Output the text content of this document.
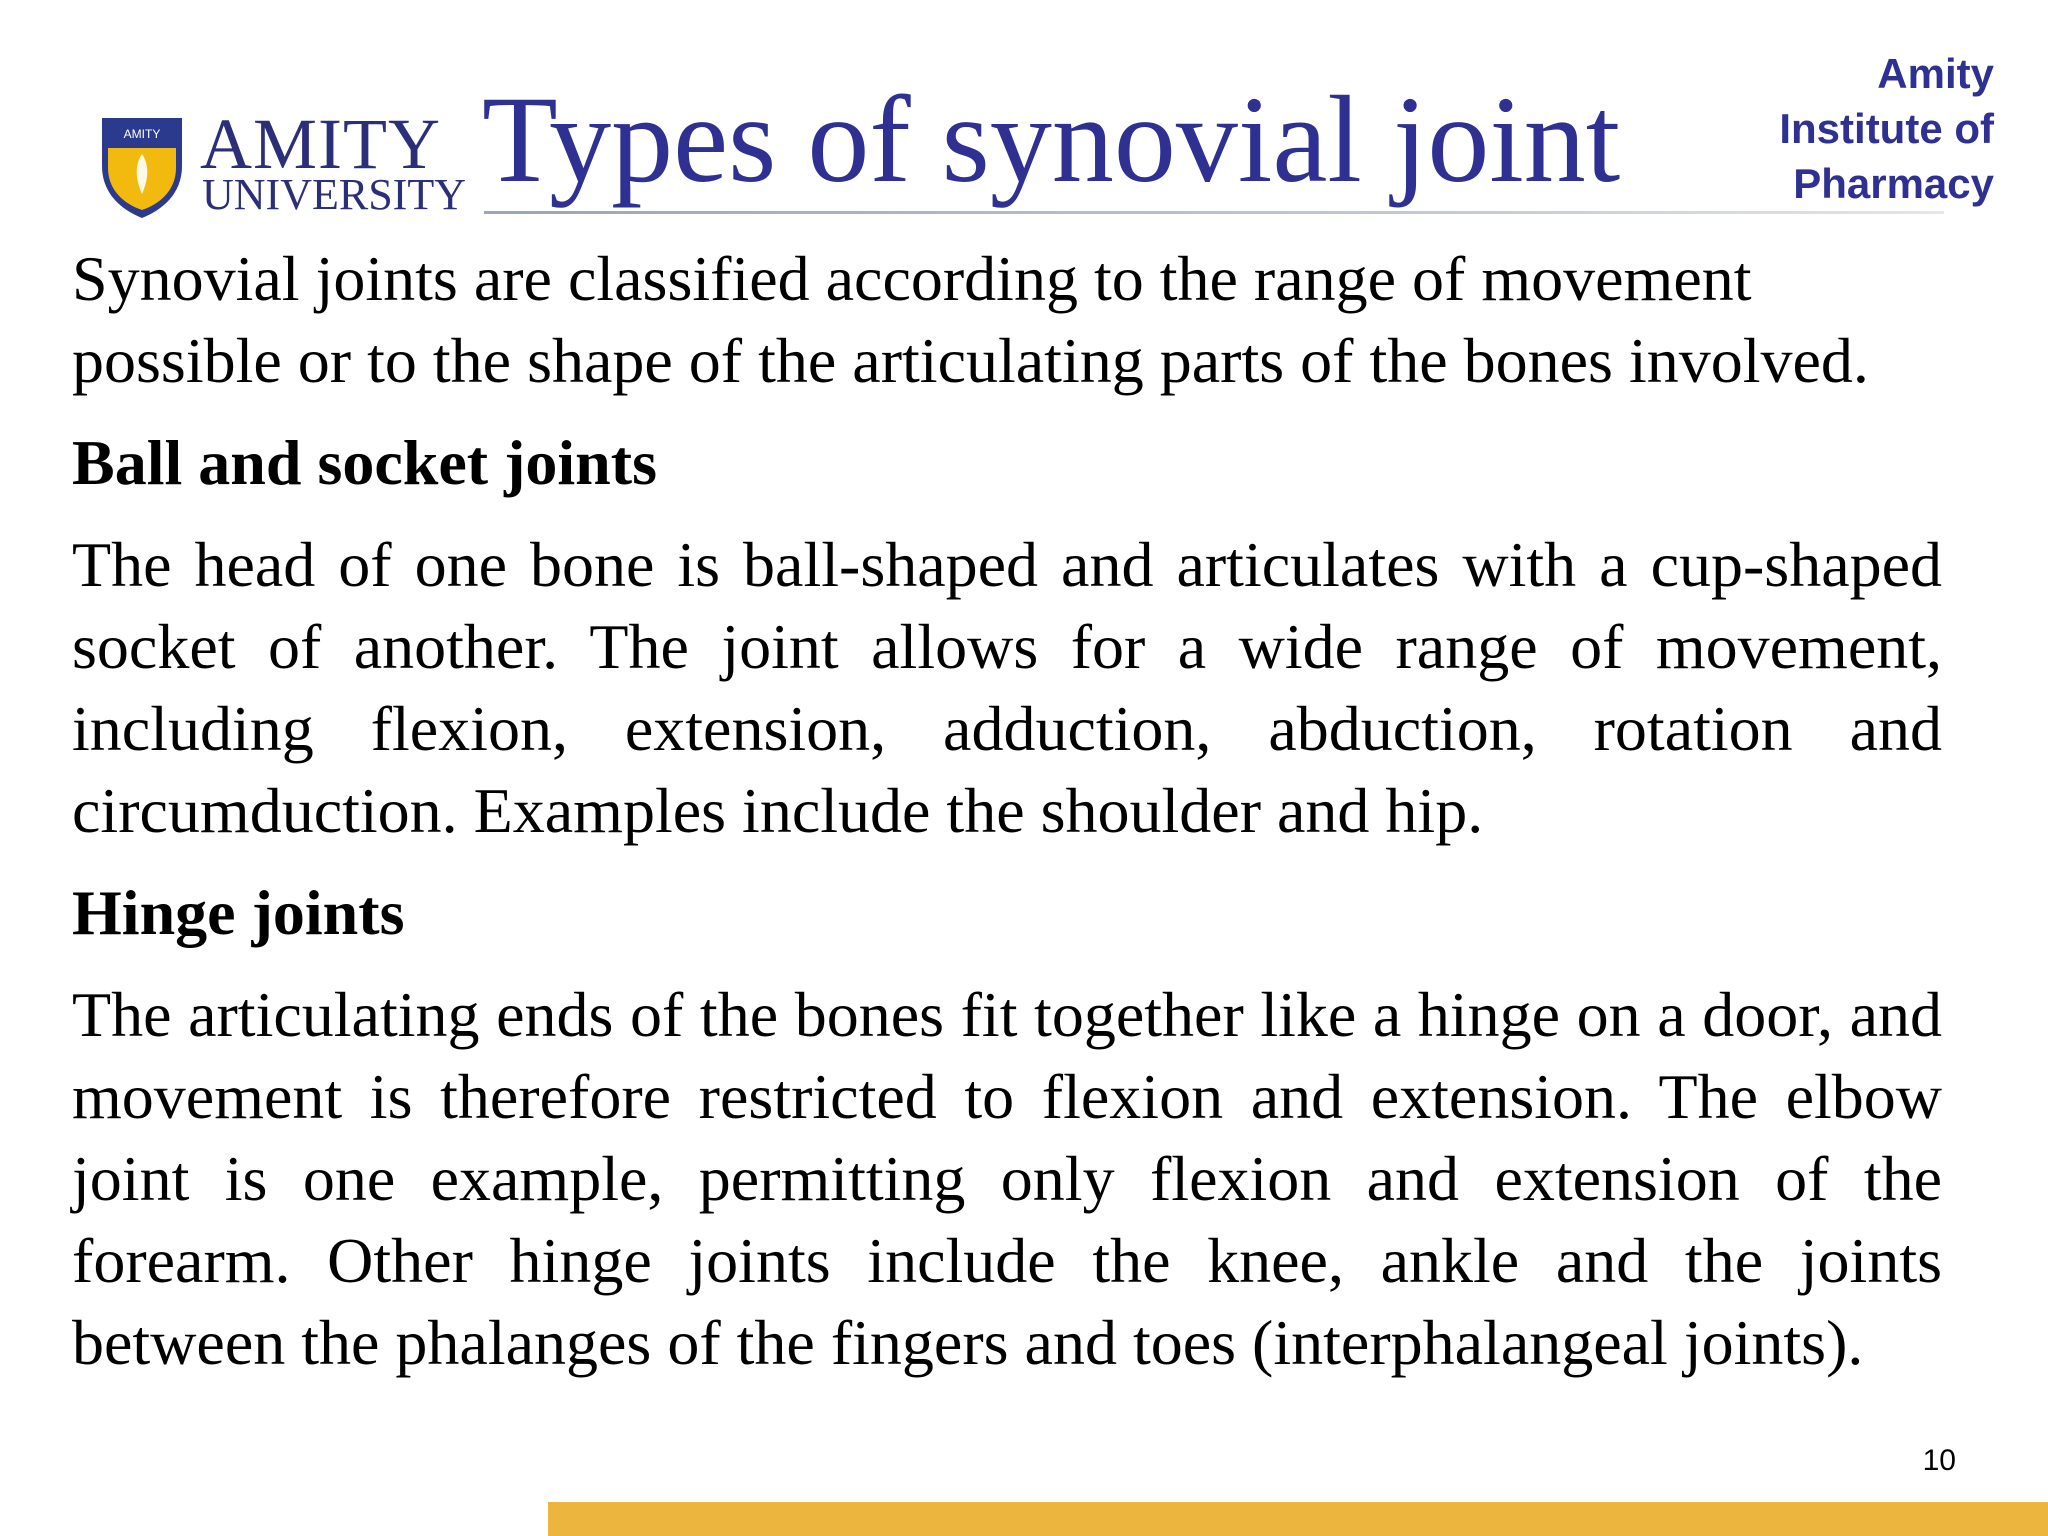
AMITY AMITY
UNIVERSITY Types of synovial joint	Amity
Institute of
Pharmacy

Synovial joints are classified according to the range of movement possible or to the shape of the articulating parts of the bones involved.

Ball and socket joints

The head of one bone is ball-shaped and articulates with a cup-shaped socket of another. The joint allows for a wide range of movement, including flexion, extension, adduction, abduction, rotation and circumduction. Examples include the shoulder and hip.

Hinge joints

The articulating ends of the bones fit together like a hinge on a door, and movement is therefore restricted to flexion and extension. The elbow joint is one example, permitting only flexion and extension of the forearm. Other hinge joints include the knee, ankle and the joints between the phalanges of the fingers and toes (interphalangeal joints).

10
